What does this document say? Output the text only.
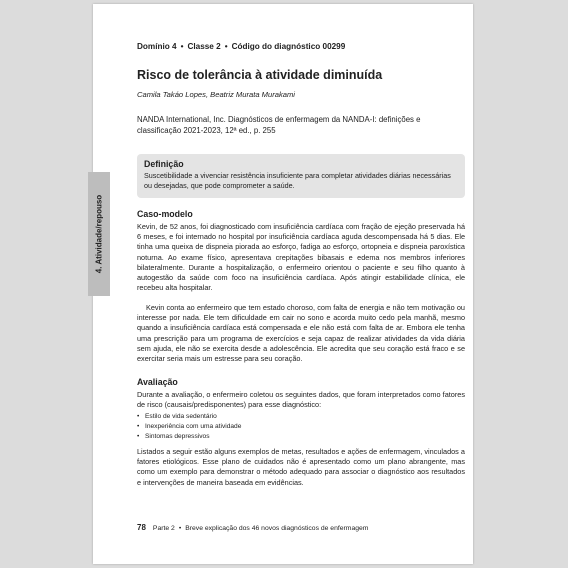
4. Atividade/repouso
Domínio 4 • Classe 2 • Código do diagnóstico 00299
Risco de tolerância à atividade diminuída
Camila Takáo Lopes, Beatriz Murata Murakami
NANDA International, Inc. Diagnósticos de enfermagem da NANDA-I: definições e classificação 2021-2023, 12ª ed., p. 255
Definição
Suscetibilidade a vivenciar resistência insuficiente para completar atividades diárias necessárias ou desejadas, que pode comprometer a saúde.
Caso-modelo
Kevin, de 52 anos, foi diagnosticado com insuficiência cardíaca com fração de ejeção preservada há 6 meses, e foi internado no hospital por insuficiência cardíaca aguda descompensada há 5 dias. Ele tinha uma queixa de dispneia piorada ao esforço, fadiga ao esforço, ortopneia e dispneia paroxística noturna. Ao exame físico, apresentava crepitações bibasais e edema nos membros inferiores bilateralmente. Durante a hospitalização, o enfermeiro orientou o paciente e seu filho quanto à autogestão da saúde com foco na insuficiência cardíaca. Após atingir estabilidade clínica, ele recebeu alta hospitalar.
Kevin conta ao enfermeiro que tem estado choroso, com falta de energia e não tem motivação ou interesse por nada. Ele tem dificuldade em cair no sono e acorda muito cedo pela manhã, mesmo quando a insuficiência cardíaca está compensada e ele não está com falta de ar. Embora ele tenha uma prescrição para um programa de exercícios e seja capaz de realizar atividades da vida diária sem ajuda, ele não se exercita desde a adolescência. Ele acredita que seu coração está fraco e se exercitar seria mais um estresse para seu coração.
Avaliação
Durante a avaliação, o enfermeiro coletou os seguintes dados, que foram interpretados como fatores de risco (causais/predisponentes) para esse diagnóstico:
• Estilo de vida sedentário
• Inexperiência com uma atividade
• Sintomas depressivos
Listados a seguir estão alguns exemplos de metas, resultados e ações de enfermagem, vinculados a fatores etiológicos. Esse plano de cuidados não é apresentado como um plano abrangente, mas como um exemplo para demonstrar o método adequado para associar o diagnóstico aos resultados e intervenções de maneira baseada em evidências.
78 Parte 2 • Breve explicação dos 46 novos diagnósticos de enfermagem
